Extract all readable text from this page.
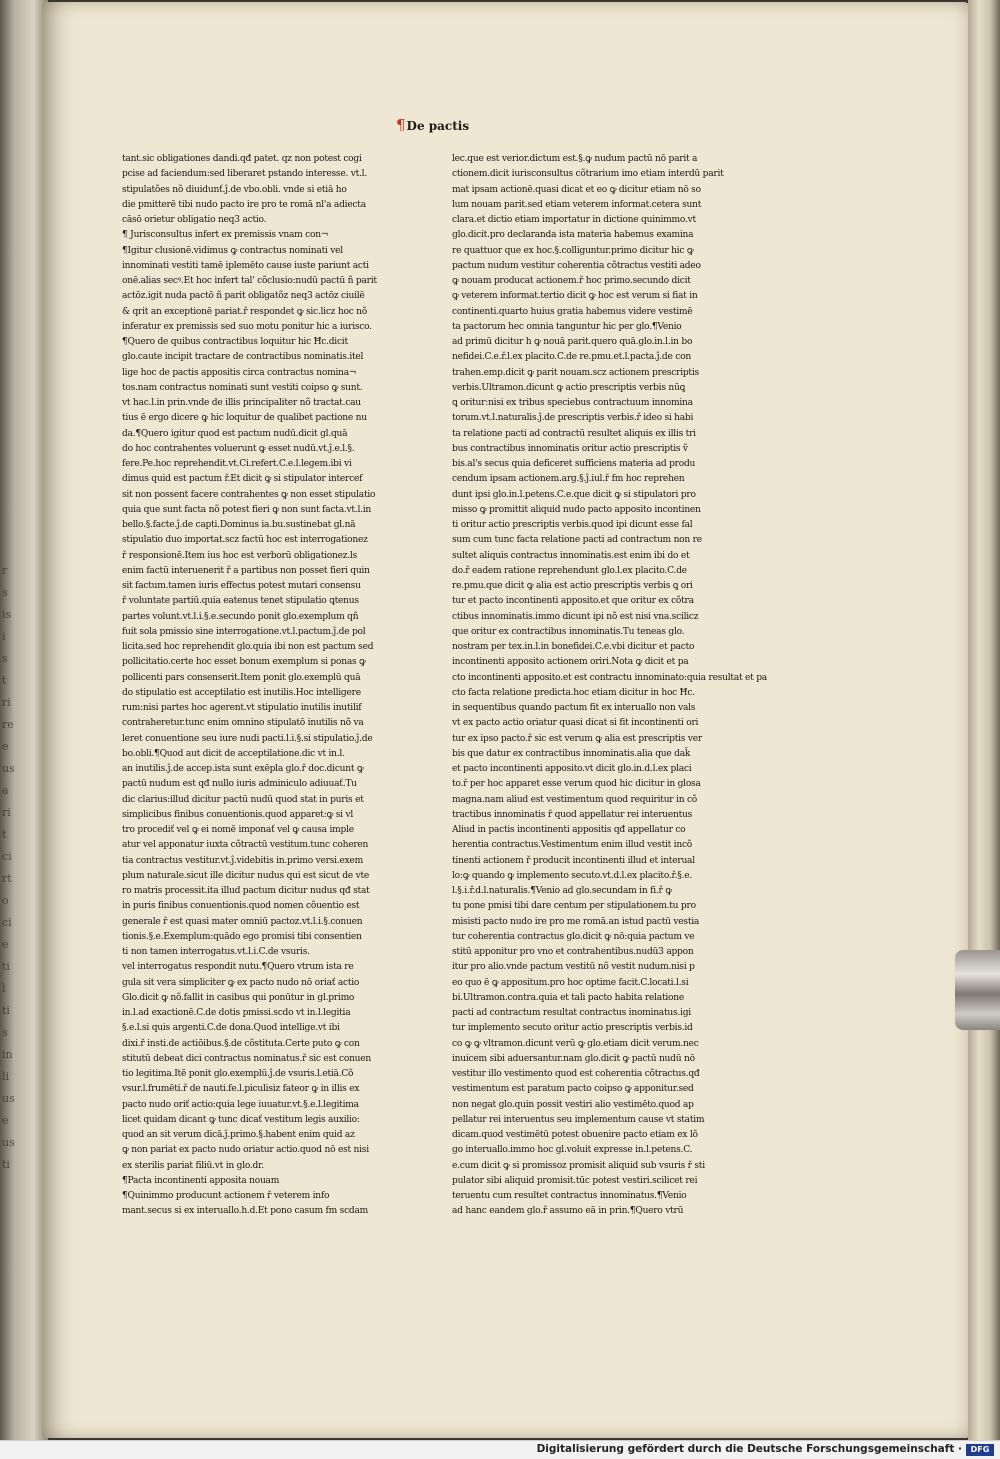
r
s
is
i
s
t
ri
re
e
us
a
ri
t
ci
rt
o
ci
e
ti
l
ti
s
in
li
us
e
us
ti
¶De pactis
tant.sic obligationes dandi.qđ patet. qz non potest cogi
pcise ad faciendum:sed liberaret pstando interesse. vt.l.
stipulatões nõ diuidunť.ĵ.de vbo.obli. vnde si etiā ho
die pmitterē tibi nudo pacto ire pro te romā nl'a adiecta
cāsō orietur obligatio neq3 actio.
¶ Jurisconsultus infert ex premissis vnam con¬
¶Igitur clusionē.vidimus ꝙ contractus nominati vel
innominati vestiti tamē iplemēto cause iuste pariunt acti
onē.alias secꝰ.Et hoc infert tal' cõclusio:nudū pactū ñ parit
actōz.igit nuda pactō ñ parit obligatõz neq3 actōz ciuilē
& qrit an exceptionē pariat.ř respondet ꝙ sic.licz hoc nõ
inferatur ex premissis sed suo motu ponitur hic a iurisco.
¶Quero de quibus contractibus loquitur hic Ħc.dicit
glo.caute incipit tractare de contractibus nominatis.itel
lige hoc de pactis appositis circa contractus nomina¬
tos.nam contractus nominati sunt vestiti coipso ꝙ sunt.
vt hac.l.in prin.vnde de illis principaliter nõ tractat.cau
tius ē ergo dicere ꝙ hic loquitur de qualibet pactione nu
da.¶Quero igitur quod est pactum nudū.dicit gl.quā
do hoc contrahentes voluerunt ꝙ esset nudū.vt.ĵ.e.l.§.
fere.Pe.hoc reprehendit.vt.Ci.refert.C.e.l.legem.ibi vi
dimus quid est pactum ř.Et dicit ꝙ si stipulator intercef
sit non possent facere contrahentes ꝙ non esset stipulatio
quia que sunt facta nõ potest fieri ꝙ non sunt facta.vt.l.in
bello.§.facte.ĵ.de capti.Dominus ia.bu.sustinebat gl.nā
stipulatio duo importat.scz factū hoc est interrogationez
ř responsionē.Item ius hoc est verborū obligationez.ls
enim factū interuenerit ř a partibus non posset fieri quin
sit factum.tamen iuris effectus potest mutari consensu
ř voluntate partiū.quia eatenus tenet stipulatio ꝗtenus
partes volunt.vt.l.i.§.e.secundo ponit glo.exemplum qñ
fuit sola pmissio sine interrogatione.vt.l.pactum.ĵ.de pol
licita.sed hoc reprehendit glo.quia ibi non est pactum sed
pollicitatio.certe hoc esset bonum exemplum si ponas ꝙ
pollicenti pars consenserit.Item ponit glo.exemplū quā
do stipulatio est acceptilatio est inutilis.Hoc intelligere
rum:nisi partes hoc agerent.vt stipulatio inutilis inutilif
contraheretur.tunc enim omnino stipulatō inutilis nõ va
leret conuentione seu iure nudi pacti.l.i.§.si stipulatio.ĵ.de
bo.obli.¶Quod aut dicit de acceptilatione.dic vt in.l.
an inutilis.ĵ.de accep.ista sunt exēpla glo.ř doc.dicunt ꝙ
pactū nudum est qđ nullo iuris adminiculo adiuuať.Tu
dic clarius:illud dicitur pactū nudū quod stat in puris et
simplicibus finibus conuentionis.quod apparet:ꝙ si vl
tro procediť vel ꝙ ei nomē imponať vel ꝙ causa imple
atur vel apponatur iuxta cõtractū vestitum.tunc coheren
tia contractus vestitur.vt.ĵ.videbitis in.primo versi.exem
plum naturale.sicut ille dicitur nudus qui est sicut de vte
ro matris processit.ita illud pactum dicitur nudus qđ stat
in puris finibus conuentionis.quod nomen cõuentio est
generale ř est quasi mater omniū pactoz.vt.l.i.§.conuen
tionis.§.e.Exemplum:quādo ego promisi tibi consentien
ti non tamen interrogatus.vt.l.i.C.de vsuris.
vel interrogatus respondit nutu.¶Quero vtrum ista re
gula sit vera simpliciter ꝙ ex pacto nudo nō oriať actio
Glo.dicit ꝙ nõ.fallit in casibus qui ponūtur in gl.primo
in.l.ad exactionē.C.de dotis pmissi.scdo vt in.l.legitia
§.e.l.si quis argenti.C.de dona.Quod intellige.vt ibi
dixi.ř insti.de actiōibus.§.de cõstituta.Certe puto ꝙ con
stitutū debeat dici contractus nominatus.ř sic est conuen
tio legitima.Itē ponit glo.exemplū.ĵ.de vsuris.l.etiā.Cõ
vsur.l.frumēti.ř de nauti.fe.l.piculisiz fateor ꝙ in illis ex
pacto nudo oriť actio:quia lege iuuatur.vt.§.e.l.legitima
licet quidam dicant ꝙ tunc dicať vestitum legis auxilio:
quod an sit verum dicā.ĵ.primo.§.habent enim quid az
ꝙ non pariat ex pacto nudo oriatur actio.quod nō est nisi
ex sterilis pariat filiū.vt in glo.dr.
¶Pacta incontinenti apposita nouam
¶Quinimmo producunt actionem ř veterem info
mant.secus si ex interuallo.h.d.Et pono casum fm scdam
lec.que est verior.dictum est.§.ꝙ nudum pactū nō parit a
ctionem.dicit iurisconsultus cõtrarium imo etiam interdū parit
mat ipsam actionē.quasi dicat et eo ꝙ dicitur etiam nō so
lum nouam parit.sed etiam veterem informat.cetera sunt
clara.et dictio etiam importatur in dictione quinimmo.vt
glo.dicit.pro declaranda ista materia habemus examina
re quattuor que ex hoc.§.colliguntur.primo dicitur hic ꝙ
pactum nudum vestitur coherentia cõtractus vestiti adeo
ꝙ nouam producat actionem.ř hoc primo.secundo dicit
ꝙ veterem informat.tertio dicit ꝙ hoc est verum si fiat in
continenti.quarto huius gratia habemus videre vestimē
ta pactorum hec omnia tanguntur hic per glo.¶Venio
ad primū dicitur h ꝙ nouā parit.quero quā.glo.in.l.in bo
nefidei.C.e.ř.l.ex placito.C.de re.pmu.et.l.pacta.ĵ.de con
trahen.emp.dicit ꝙ parit nouam.scz actionem prescriptis
verbis.Ultramon.dicunt ꝙ actio prescriptis verbis nūꝗ
ꝗ oritur:nisi ex tribus speciebus contractuum innomina
torum.vt.l.naturalis.ĵ.de prescriptis verbis.ř ideo si habi
ta relatione pacti ad contractū resultet aliquis ex illis tri
bus contractibus innominatis oritur actio prescriptis ṽ
bis.al's secus quia deficeret sufficiens materia ad produ
cendum ipsam actionem.arg.§.ĵ.iul.ř fm hoc reprehen
dunt ipsi glo.in.l.petens.C.e.que dicit ꝙ si stipulatori pro
misso ꝙ promittit aliquid nudo pacto apposito incontinen
ti oritur actio prescriptis verbis.quod ipi dicunt esse fal
sum cum tunc facta relatione pacti ad contractum non re
sultet aliquis contractus innominatis.est enim ibi do et
do.ř eadem ratione reprehendunt glo.l.ex placito.C.de
re.pmu.que dicit ꝙ alia est actio prescriptis verbis ꝗ ori
tur et pacto incontinenti apposito.et que oritur ex cõtra
ctibus innominatis.immo dicunt ipi nõ est nisi vna.scilicz
que oritur ex contractibus innominatis.Tu teneas glo.
nostram per tex.in.l.in bonefidei.C.e.vbi dicitur et pacto
incontinenti apposito actionem oriri.Nota ꝙ dicit et pa
cto incontinenti apposito.et est contractu innominato:quia resultat et pa
cto facta relatione predicta.hoc etiam dicitur in hoc Ħc.
in sequentibus quando pactum fit ex interuallo non vals
vt ex pacto actio oriatur quasi dicat si fit incontinenti ori
tur ex ipso pacto.ř sic est verum ꝙ alia est prescriptis ver
bis que datur ex contractibus innominatis.alia que daǩ
et pacto incontinenti apposito.vt dicit glo.in.d.l.ex placi
to.ř per hoc apparet esse verum quod hic dicitur in glosa
magna.nam aliud est vestimentum quod requiritur in cõ
tractibus innominatis ř quod appellatur rei interuentus
Aliud in pactis incontinenti appositis qđ appellatur co
herentia contractus.Vestimentum enim illud vestit incõ
tinenti actionem ř producit incontinenti illud et interual
lo:ꝙ quando ꝙ implemento secuto.vt.d.l.ex placito.ř.§.e.
l.§.i.ř.d.l.naturalis.¶Venio ad glo.secundam in fi.ř ꝙ
tu pone pmisi tibi dare centum per stipulationem.tu pro
misisti pacto nudo ire pro me romā.an istud pactū vestia
tur coherentia contractus glo.dicit ꝙ nō:quia pactum ve
stitū apponitur pro vno et contrahentibus.nudū3 appon
itur pro alio.vnde pactum vestitū nõ vestit nudum.nisi p
eo quo ē ꝙ appositum.pro hoc optime facit.C.locati.l.si
bi.Ultramon.contra.quia et tali pacto habita relatione
pacti ad contractum resultat contractus inominatus.igi
tur implemento secuto oritur actio prescriptis verbis.id
co ꝙ ꝙ vltramon.dicunt verū ꝙ glo.etiam dicit verum.nec
inuicem sibi aduersantur.nam glo.dicit ꝙ pactū nudū nō
vestitur illo vestimento quod est coherentia cõtractus.qđ
vestimentum est paratum pacto coipso ꝙ apponitur.sed
non negat glo.quin possit vestiri alio vestimēto.quod ap
pellatur rei interuentus seu implementum cause vt statim
dicam.quod vestimētū potest obuenire pacto etiam ex lõ
go interuallo.immo hoc gl.voluit expresse in.l.petens.C.
e.cum dicit ꝙ si promissoz promisit aliquid sub vsuris ř sti
pulator sibi aliquid promisit.tūc potest vestiri.scilicet rei
teruentu cum resultet contractus innominatus.¶Venio
ad hanc eandem glo.ř assumo eā in prin.¶Quero vtrū
Digitalisierung gefördert durch die Deutsche Forschungsgemeinschaft ·	DFG
